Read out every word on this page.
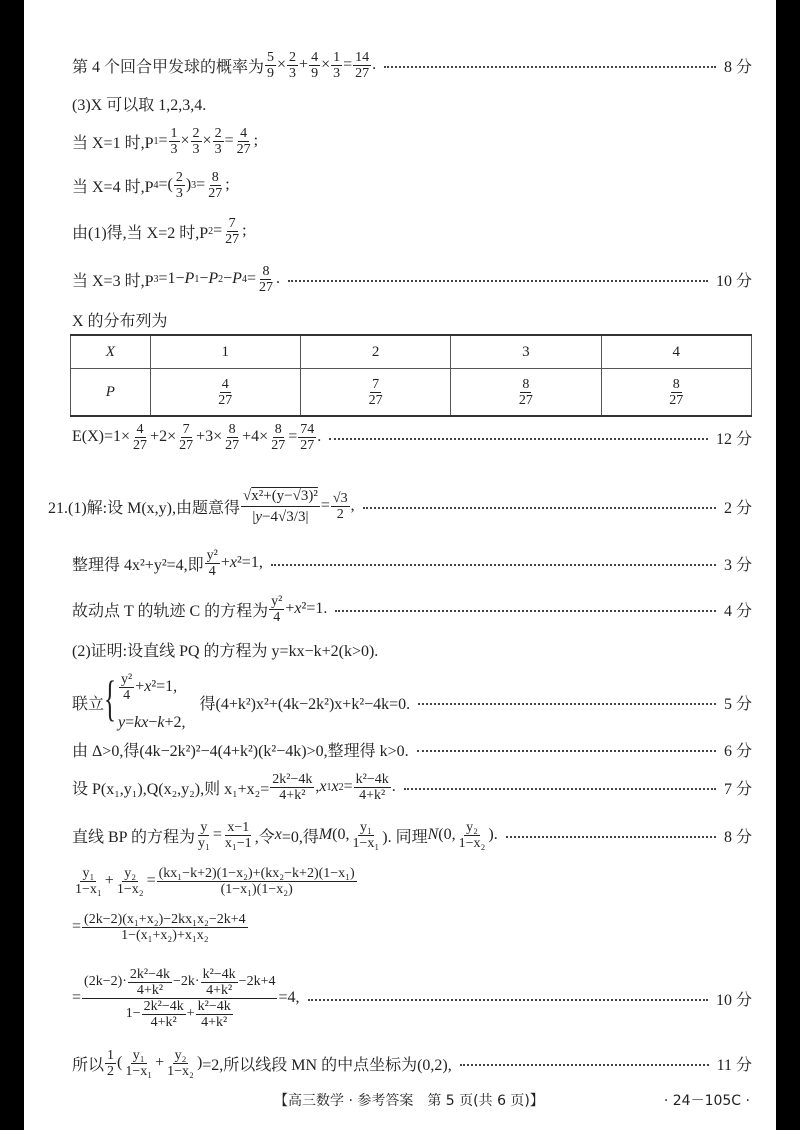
第 4 个回合甲发球的概率为 $\frac{5}{9} \times \frac{2}{3} + \frac{4}{9} \times \frac{1}{3} = \frac{14}{27}$ .	8 分
(3)X 可以取 1,2,3,4.
当 X=1 时,P $1 = \frac{1}{3} \times \frac{2}{3} \times \frac{2}{3} = \frac{4}{27}$ ;
当 X=4 时,P 4 =( $\frac{2}{3}$ ) $3 = \frac{8}{27}$ ;
由(1)得,当 X=2 时,P $2 = \frac{7}{27}$ ;
当 X=3 时,P 3 =1− P 1 − P 2 − P $4 = \frac{8}{27}$ .	10 分
X 的分布列为
X	1	2	3	4
P	$\frac{4}{27}$	$\frac{7}{27}$	$\frac{8}{27}$	$\frac{8}{27}$
$E(X)= 1\times \frac{4}{27} +2\times \frac{7}{27} +3\times \frac{8}{27} +4\times \frac{8}{27} = \frac{74}{27}$ .	12 分
21.(1)解:设 M(x,y),由题意得 $\frac{\text{√x²+(y−√3)²}}{|y-4√3/3|} = \frac{√3}{2}$ ,	2 分
整理得 4x²+y²=4,即 $\frac{\text{y²}}{4} + x$ ²=1,	3 分
故动点 T 的轨迹 C 的方程为 $\frac{\text{y²}}{4} + x$ ²=1.	4 分
(2)证明:设直线 PQ 的方程为 y=kx−k+2(k>0).
联立 { $\frac{\text{y²}}{4} +x^2=1$,
y=kx−k+2,
得(4+k²)x²+(4k−2k²)x+k²−4k=0.	5 分
由 Δ>0,得(4k−2k²)²−4(4+k²)(k²−4k)>0,整理得 k>0.	6 分
设 P(x₁,y₁),Q(x₂,y₂),则 $x_1+x_2= \frac{\text{2k²−4k}}{\text{4+k²}}$ , x 1 x $2 = \frac{\text{k²−4k}}{\text{4+k²}}$ .	7 分
直线 BP 的方程为 $\frac{y}{\text{y₁}} = \frac{x-1}{\text{x₁−1}}$ ,令 x =0,得 M (0, $\frac{\text{y₁}}{\text{1−x₁}}$ ). 同理 N (0, $\frac{\text{y₂}}{\text{1−x₂}}$ ).	8 分
$\frac{\text{y₁}}{\text{1−x₁}} + \frac{\text{y₂}}{\text{1−x₂}} = \frac{\text{(kx₁−k+2)(1−x₂)+(kx₂−k+2)(1−x₁)}}{\text{(1−x₁)(1−x₂)}}$
= $\frac{\text{(2k−2)(x₁+x₂)−2kx₁x₂−2k+4}}{\text{1−(x₁+x₂)+x₁x₂}}$
= $\frac{(2k-2)\cdot \frac{\text{2k²−4k}}{\text{4+k²}} -2k\cdot \frac{\text{k²−4k}}{\text{4+k²}} -2k+4}{1- \frac{\text{2k²−4k}}{\text{4+k²}} + \frac{\text{k²−4k}}{\text{4+k²}}} =4$,	10 分
所以 $\frac{1}{2}$ ( $\frac{\text{y₁}}{\text{1−x₁}} + \frac{\text{y₂}}{\text{1−x₂}}$ ) =2,所以线段 MN 的中点坐标为(0,2),	11 分
【高三数学 · 参考答案　第 5 页(共 6 页)】	· 24－105C ·
